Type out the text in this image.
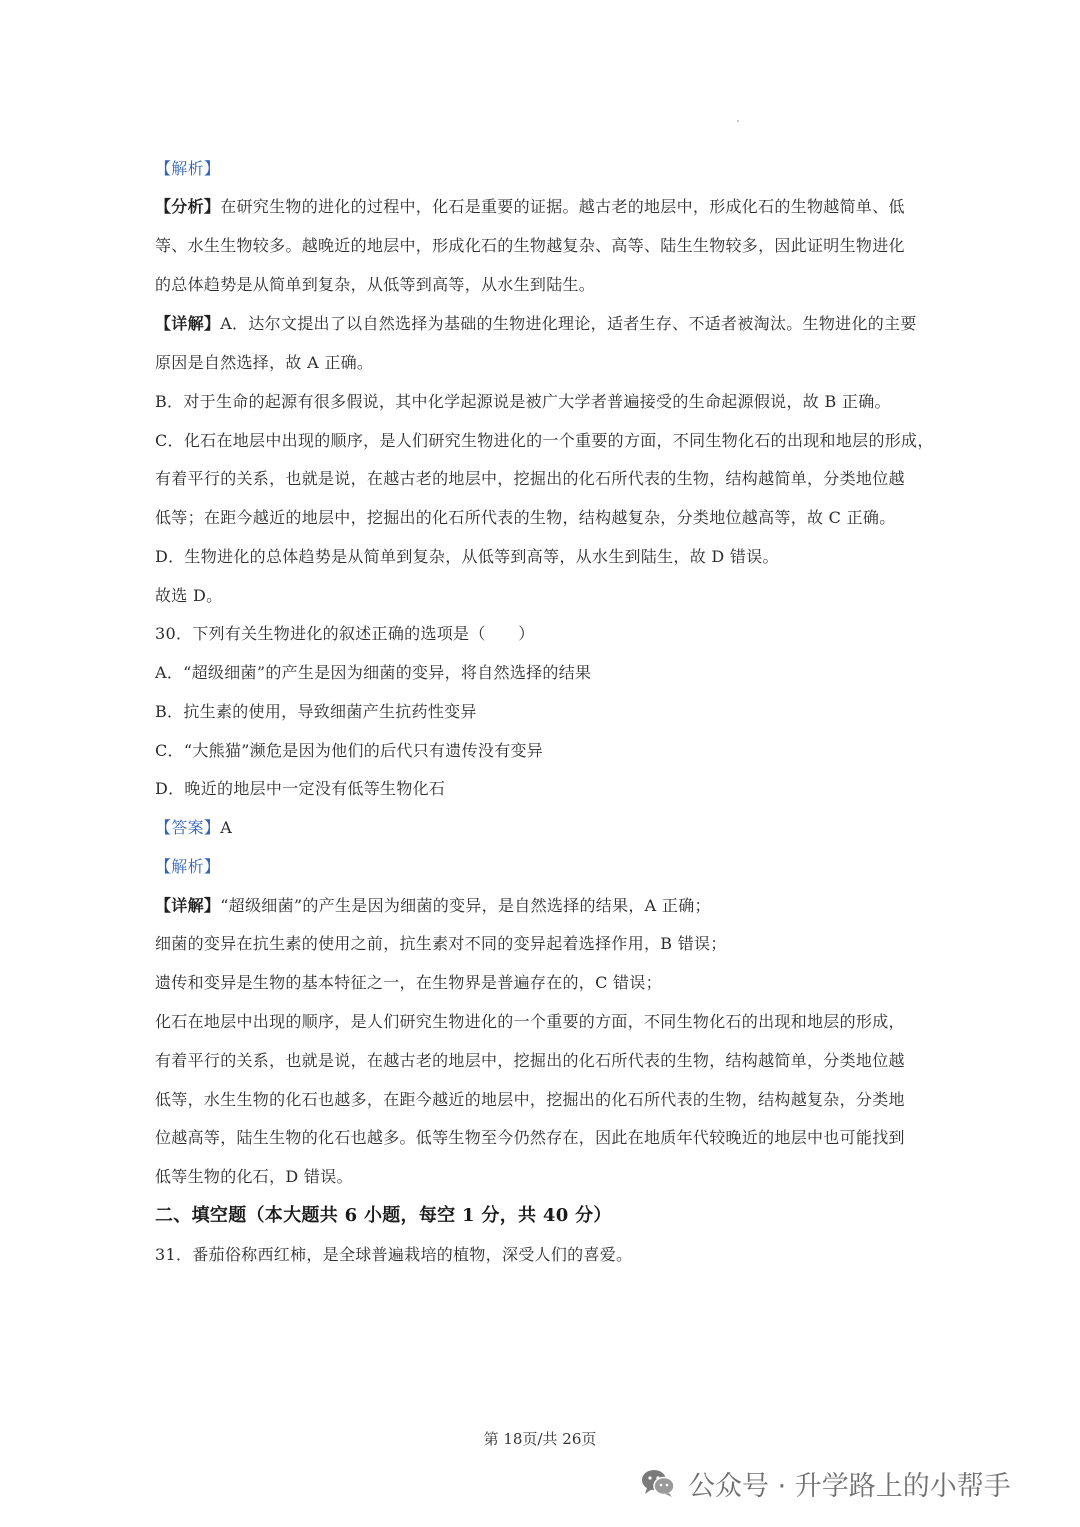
【解析】
【分析】在研究生物的进化的过程中，化石是重要的证据。越古老的地层中，形成化石的生物越简单、低
等、水生生物较多。越晚近的地层中，形成化石的生物越复杂、高等、陆生生物较多，因此证明生物进化
的总体趋势是从简单到复杂，从低等到高等，从水生到陆生。
【详解】A．达尔文提出了以自然选择为基础的生物进化理论，适者生存、不适者被淘汰。生物进化的主要
原因是自然选择，故 A 正确。
B．对于生命的起源有很多假说，其中化学起源说是被广大学者普遍接受的生命起源假说，故 B 正确。
C．化石在地层中出现的顺序，是人们研究生物进化的一个重要的方面，不同生物化石的出现和地层的形成，
有着平行的关系，也就是说，在越古老的地层中，挖掘出的化石所代表的生物，结构越简单，分类地位越
低等；在距今越近的地层中，挖掘出的化石所代表的生物，结构越复杂，分类地位越高等，故 C 正确。
D．生物进化的总体趋势是从简单到复杂，从低等到高等，从水生到陆生，故 D 错误。
故选 D。
30．下列有关生物进化的叙述正确的选项是（　　）
A．“超级细菌”的产生是因为细菌的变异，将自然选择的结果
B．抗生素的使用，导致细菌产生抗药性变异
C．“大熊猫”濒危是因为他们的后代只有遗传没有变异
D．晚近的地层中一定没有低等生物化石
【答案】A
【解析】
【详解】“超级细菌”的产生是因为细菌的变异，是自然选择的结果，A 正确；
细菌的变异在抗生素的使用之前，抗生素对不同的变异起着选择作用，B 错误；
遗传和变异是生物的基本特征之一，在生物界是普遍存在的，C 错误；
化石在地层中出现的顺序，是人们研究生物进化的一个重要的方面，不同生物化石的出现和地层的形成，
有着平行的关系，也就是说，在越古老的地层中，挖掘出的化石所代表的生物，结构越简单，分类地位越
低等，水生生物的化石也越多，在距今越近的地层中，挖掘出的化石所代表的生物，结构越复杂，分类地
位越高等，陆生生物的化石也越多。低等生物至今仍然存在，因此在地质年代较晚近的地层中也可能找到
低等生物的化石，D 错误。
二、填空题（本大题共 6 小题，每空 1 分，共 40 分）
31．番茄俗称西红柿，是全球普遍栽培的植物，深受人们的喜爱。
第 18页/共 26页
公众号 · 升学路上的小帮手
